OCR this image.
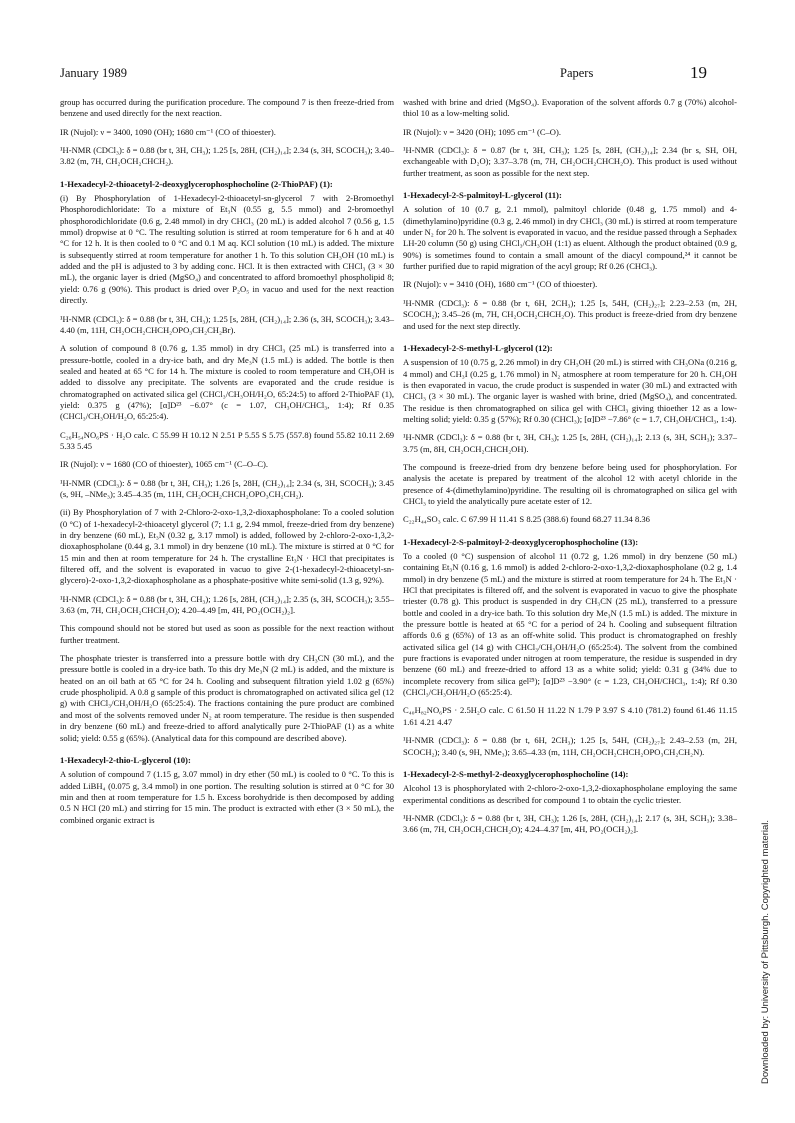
January 1989	Papers	19
Downloaded by: University of Pittsburgh. Copyrighted material.

group has occurred during the purification procedure. The compound 7 is then freeze-dried from benzene and used directly for the next reaction.

IR (Nujol): ν = 3400, 1090 (OH); 1680 cm⁻¹ (CO of thioester).

¹H-NMR (CDCl₃): δ = 0.88 (br t, 3H, CH₃); 1.25 [s, 28H, (CH₂)₁₄]; 2.34 (s, 3H, SCOCH₃); 3.40–3.82 (m, 7H, CH₂OCH₂CHCH₂).

1-Hexadecyl-2-thioacetyl-2-deoxyglycerophosphocholine (2-ThioPAF) (1):

(i) By Phosphorylation of 1-Hexadecyl-2-thioacetyl-sn-glycerol 7 with 2-Bromoethyl Phosphorodichloridate: To a mixture of Et₃N (0.55 g, 5.5 mmol) and 2-bromoethyl phosphorodichloridate (0.6 g, 2.48 mmol) in dry CHCl₃ (20 mL) is added alcohol 7 (0.56 g, 1.5 mmol) dropwise at 0 °C. The resulting solution is stirred at room temperature for 6 h and at 40 °C for 12 h. It is then cooled to 0 °C and 0.1 M aq. KCl solution (10 mL) is added. The mixture is subsequently stirred at room temperature for another 1 h. To this solution CH₃OH (10 mL) is added and the pH is adjusted to 3 by adding conc. HCl. It is then extracted with CHCl₃ (3 × 30 mL), the organic layer is dried (MgSO₄) and concentrated to afford bromoethyl phospholipid 8; yield: 0.76 g (90%). This product is dried over P₂O₅ in vacuo and used for the next reaction directly.

¹H-NMR (CDCl₃): δ = 0.88 (br t, 3H, CH₃); 1.25 [s, 28H, (CH₂)₁₄]; 2.36 (s, 3H, SCOCH₃); 3.43–4.40 (m, 11H, CH₂OCH₂CHCH₂OPO₃CH₂CH₂Br).

A solution of compound 8 (0.76 g, 1.35 mmol) in dry CHCl₃ (25 mL) is transferred into a pressure-bottle, cooled in a dry-ice bath, and dry Me₃N (1.5 mL) is added. The bottle is then sealed and heated at 65 °C for 14 h. The mixture is cooled to room temperature and CH₃OH is added to dissolve any precipitate. The solvents are evaporated and the crude residue is chromatographed on activated silica gel (CHCl₃/CH₃OH/H₂O, 65:24:5) to afford 2-ThioPAF (1), yield: 0.375 g (47%); [α]D²³ −6.07° (c = 1.07, CH₃OH/CHCl₃, 1:4); Rf 0.35 (CHCl₃/CH₃OH/H₂O, 65:25:4).

C₂₆H₅₄NO₆PS · H₂O calc. C 55.99 H 10.12 N 2.51 P 5.55 S 5.75 (557.8) found 55.82 10.11 2.69 5.33 5.45

IR (Nujol): ν = 1680 (CO of thioester), 1065 cm⁻¹ (C–O–C).

¹H-NMR (CDCl₃): δ = 0.88 (br t, 3H, CH₃); 1.26 [s, 28H, (CH₂)₁₄]; 2.34 (s, 3H, SCOCH₃); 3.45 (s, 9H, –NMe₃); 3.45–4.35 (m, 11H, CH₂OCH₂CHCH₂OPO₃CH₂CH₂).

(ii) By Phosphorylation of 7 with 2-Chloro-2-oxo-1,3,2-dioxaphospholane: To a cooled solution (0 °C) of 1-hexadecyl-2-thioacetyl glycerol (7; 1.1 g, 2.94 mmol, freeze-dried from dry benzene) in dry benzene (60 mL), Et₃N (0.32 g, 3.17 mmol) is added, followed by 2-chloro-2-oxo-1,3,2-dioxaphospholane (0.44 g, 3.1 mmol) in dry benzene (10 mL). The mixture is stirred at 0 °C for 15 min and then at room temperature for 24 h. The crystalline Et₃N · HCl that precipitates is filtered off, and the solvent is evaporated in vacuo to give 2-(1-hexadecyl-2-thioacetyl-sn-glycero)-2-oxo-1,3,2-dioxaphospholane as a phosphate-positive white semi-solid (1.3 g, 92%).

¹H-NMR (CDCl₃): δ = 0.88 (br t, 3H, CH₃); 1.26 [s, 28H, (CH₂)₁₄]; 2.35 (s, 3H, SCOCH₃); 3.55–3.63 (m, 7H, CH₂OCH₂CHCH₂O); 4.20–4.49 [m, 4H, PO₂(OCH₂)₂].

This compound should not be stored but used as soon as possible for the next reaction without further treatment.

The phosphate triester is transferred into a pressure bottle with dry CH₃CN (30 mL), and the pressure bottle is cooled in a dry-ice bath. To this dry Me₃N (2 mL) is added, and the mixture is heated on an oil bath at 65 °C for 24 h. Cooling and subsequent filtration yield 1.02 g (65%) crude phospholipid. A 0.8 g sample of this product is chromatographed on activated silica gel (12 g) with CHCl₃/CH₃OH/H₂O (65:25:4). The fractions containing the pure product are combined and most of the solvents removed under N₂ at room temperature. The residue is then suspended in dry benzene (60 mL) and freeze-dried to afford analytically pure 2-ThioPAF (1) as a white solid; yield: 0.55 g (65%). (Analytical data for this compound are described above).

1-Hexadecyl-2-thio-L-glycerol (10):

A solution of compound 7 (1.15 g, 3.07 mmol) in dry ether (50 mL) is cooled to 0 °C. To this is added LiBH₄ (0.075 g, 3.4 mmol) in one portion. The resulting solution is stirred at 0 °C for 30 min and then at room temperature for 1.5 h. Excess borohydride is then decomposed by adding 0.5 N HCl (20 mL) and stirring for 15 min. The product is extracted with ether (3 × 50 mL), the combined organic extract is

washed with brine and dried (MgSO₄). Evaporation of the solvent affords 0.7 g (70%) alcohol-thiol 10 as a low-melting solid.

IR (Nujol): ν = 3420 (OH); 1095 cm⁻¹ (C–O).

¹H-NMR (CDCl₃): δ = 0.87 (br t, 3H, CH₃); 1.25 [s, 28H, (CH₂)₁₄]; 2.34 (br s, SH, OH, exchangeable with D₂O); 3.37–3.78 (m, 7H, CH₂OCH₂CHCH₂O). This product is used without further treatment, as soon as possible for the next step.

1-Hexadecyl-2-S-palmitoyl-L-glycerol (11):

A solution of 10 (0.7 g, 2.1 mmol), palmitoyl chloride (0.48 g, 1.75 mmol) and 4-(dimethylamino)pyridine (0.3 g, 2.46 mmol) in dry CHCl₃ (30 mL) is stirred at room temperature under N₂ for 20 h. The solvent is evaporated in vacuo, and the residue passed through a Sephadex LH-20 column (50 g) using CHCl₃/CH₃OH (1:1) as eluent. Although the product obtained (0.9 g, 90%) is sometimes found to contain a small amount of the diacyl compound,²⁴ it cannot be further purified due to rapid migration of the acyl group; Rf 0.26 (CHCl₃).

IR (Nujol): ν = 3410 (OH), 1680 cm⁻¹ (CO of thioester).

¹H-NMR (CDCl₃): δ = 0.88 (br t, 6H, 2CH₃); 1.25 [s, 54H, (CH₂)₂₇]; 2.23–2.53 (m, 2H, SCOCH₂); 3.45–26 (m, 7H, CH₂OCH₂CHCH₂O). This product is freeze-dried from dry benzene and used for the next step directly.

1-Hexadecyl-2-S-methyl-L-glycerol (12):

A suspension of 10 (0.75 g, 2.26 mmol) in dry CH₃OH (20 mL) is stirred with CH₃ONa (0.216 g, 4 mmol) and CH₃I (0.25 g, 1.76 mmol) in N₂ atmosphere at room temperature for 20 h. CH₃OH is then evaporated in vacuo, the crude product is suspended in water (30 mL) and extracted with CHCl₃ (3 × 30 mL). The organic layer is washed with brine, dried (MgSO₄), and concentrated. The residue is then chromatographed on silica gel with CHCl₃ giving thioether 12 as a low-melting solid; yield: 0.35 g (57%); Rf 0.30 (CHCl₃); [α]D²³ −7.86° (c = 1.7, CH₃OH/CHCl₃, 1:4).

¹H-NMR (CDCl₃): δ = 0.88 (br t, 3H, CH₃); 1.25 [s, 28H, (CH₂)₁₄]; 2.13 (s, 3H, SCH₃); 3.37–3.75 (m, 8H, CH₂OCH₂CHCH₂OH).

The compound is freeze-dried from dry benzene before being used for phosphorylation. For analysis the acetate is prepared by treatment of the alcohol 12 with acetyl chloride in the presence of 4-(dimethylamino)pyridine. The resulting oil is chromatographed on silica gel with CHCl₃ to yield the analytically pure acetate ester of 12.

C₂₂H₄₄SO₃ calc. C 67.99 H 11.41 S 8.25 (388.6) found 68.27 11.34 8.36

1-Hexadecyl-2-S-palmitoyl-2-deoxyglycerophosphocholine (13):

To a cooled (0 °C) suspension of alcohol 11 (0.72 g, 1.26 mmol) in dry benzene (50 mL) containing Et₃N (0.16 g, 1.6 mmol) is added 2-chloro-2-oxo-1,3,2-dioxaphospholane (0.2 g, 1.4 mmol) in dry benzene (5 mL) and the mixture is stirred at room temperature for 24 h. The Et₃N · HCl that precipitates is filtered off, and the solvent is evaporated in vacuo to give the phosphate triester (0.78 g). This product is suspended in dry CH₃CN (25 mL), transferred to a pressure bottle and cooled in a dry-ice bath. To this solution dry Me₃N (1.5 mL) is added. The mixture in the pressure bottle is heated at 65 °C for a period of 24 h. Cooling and subsequent filtration affords 0.6 g (65%) of 13 as an off-white solid. This product is chromatographed on freshly activated silica gel (14 g) with CHCl₃/CH₃OH/H₂O (65:25:4). The solvent from the combined pure fractions is evaporated under nitrogen at room temperature, the residue is suspended in dry benzene (60 mL) and freeze-dried to afford 13 as a white solid; yield: 0.31 g (34% due to incomplete recovery from silica gel²⁵); [α]D²³ −3.90° (c = 1.23, CH₃OH/CHCl₃, 1:4); Rf 0.30 (CHCl₃/CH₃OH/H₂O (65:25:4).

C₄₀H₈₂NO₆PS · 2.5H₂O calc. C 61.50 H 11.22 N 1.79 P 3.97 S 4.10 (781.2) found 61.46 11.15 1.61 4.21 4.47

¹H-NMR (CDCl₃): δ = 0.88 (br t, 6H, 2CH₃); 1.25 [s, 54H, (CH₂)₂₇]; 2.43–2.53 (m, 2H, SCOCH₂); 3.40 (s, 9H, NMe₃); 3.65–4.33 (m, 11H, CH₂OCH₂CHCH₂OPO₃CH₂CH₂N).

1-Hexadecyl-2-S-methyl-2-deoxyglycerophosphocholine (14):

Alcohol 13 is phosphorylated with 2-chloro-2-oxo-1,3,2-dioxaphospholane employing the same experimental conditions as described for compound 1 to obtain the cyclic triester.

¹H-NMR (CDCl₃): δ = 0.88 (br t, 3H, CH₃); 1.26 [s, 28H, (CH₂)₁₄]; 2.17 (s, 3H, SCH₃); 3.38–3.66 (m, 7H, CH₂OCH₂CHCH₂O); 4.24–4.37 [m, 4H, PO₂(OCH₂)₂].
